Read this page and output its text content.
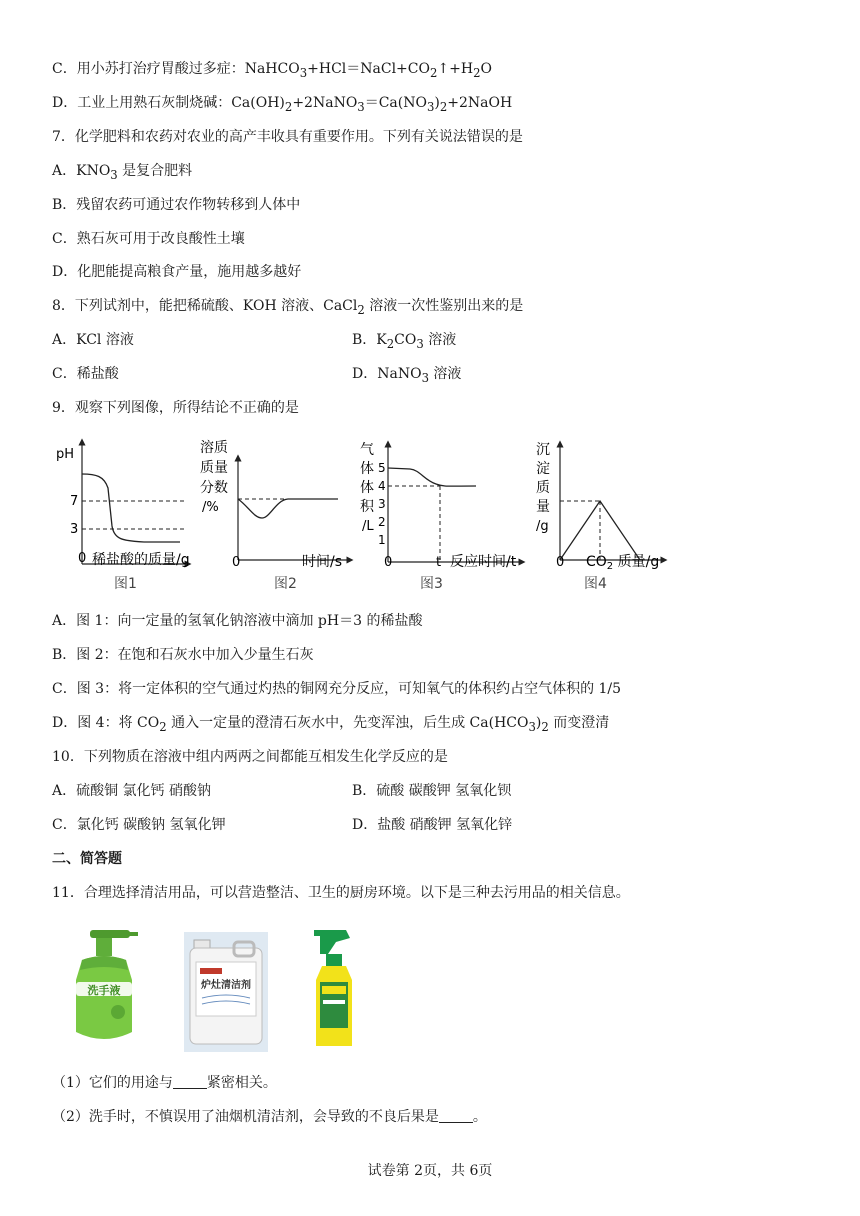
C．用小苏打治疗胃酸过多症：$NaHCO_3+HCl=NaCl+CO_2↑+H_2O$
D．工业上用熟石灰制烧碱：$Ca(OH)_2+2NaNO_3=Ca(NO_3)_2+2NaOH$
7．化学肥料和农药对农业的高产丰收具有重要作用。下列有关说法错误的是
A．$KNO_3$ 是复合肥料
B．残留农药可通过农作物转移到人体中
C．熟石灰可用于改良酸性土壤
D．化肥能提高粮食产量，施用越多越好
8．下列试剂中，能把稀硫酸、KOH 溶液、CaCl$_2$ 溶液一次性鉴别出来的是
A．KCl 溶液	B．$K_2CO_3$ 溶液
C．稀盐酸	D．NaNO$_3$ 溶液
9．观察下列图像，所得结论不正确的是
pH
7
3
0 稀盐酸的质量/g
图1
溶质
质量
分数
/%
0	时间/s
图2
气
体
体
积
/L
5
4
3
2
1
0	t 反应时间/t
图3
沉
淀
质
量
/g
0 $CO_2$ 质量/g
图4
A．图 1：向一定量的氢氧化钠溶液中滴加 pH＝3 的稀盐酸
B．图 2：在饱和石灰水中加入少量生石灰
C．图 3：将一定体积的空气通过灼热的铜网充分反应，可知氧气的体积约占空气体积的 1/5
D．图 4：将 $CO_2$ 通入一定量的澄清石灰水中，先变浑浊，后生成 $Ca(HCO_3)_2$ 而变澄清
10．下列物质在溶液中组内两两之间都能互相发生化学反应的是
A．硫酸铜 氯化钙 硝酸钠	B．硫酸 碳酸钾 氢氧化钡
C．氯化钙 碳酸钠 氢氧化钾	D．盐酸 硝酸钾 氢氧化锌
二、简答题
11．合理选择清洁用品，可以营造整洁、卫生的厨房环境。以下是三种去污用品的相关信息。
洗手液	炉灶清洁剂
（1）它们的用途与 紧密相关。
（2）洗手时，不慎误用了油烟机清洁剂，会导致的不良后果是 。
试卷第 2页，共 6页
